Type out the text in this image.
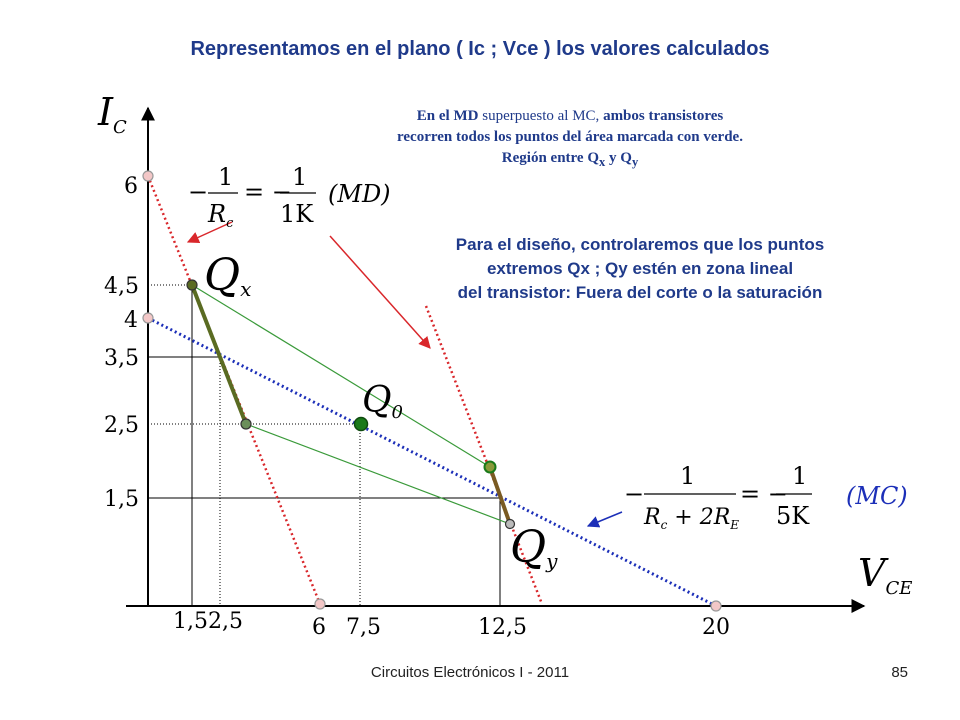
Representamos en el plano ( Ic ; Vce ) los valores calculados
En el MD superpuesto al MC, ambos transistores
recorren todos los puntos del área marcada con verde.
Región entre $Q_x$ y $Q_y$
Para el diseño, controlaremos que los puntos
extremos Qx ; Qy estén en zona lineal
del transistor: Fuera del corte o la saturación
$I_C$
$V_{CE}$
6
4,5
4
3,5
2,5
1,5
1,5 2,5	6 7,5	12,5	20
Qx
Q0
Qy
−
1
$R_c$
= −
1
1K
(MD)
−
1
$R_c + 2R_E$
= −
1
5K
(MC)
Circuitos Electrónicos I - 2011	85
